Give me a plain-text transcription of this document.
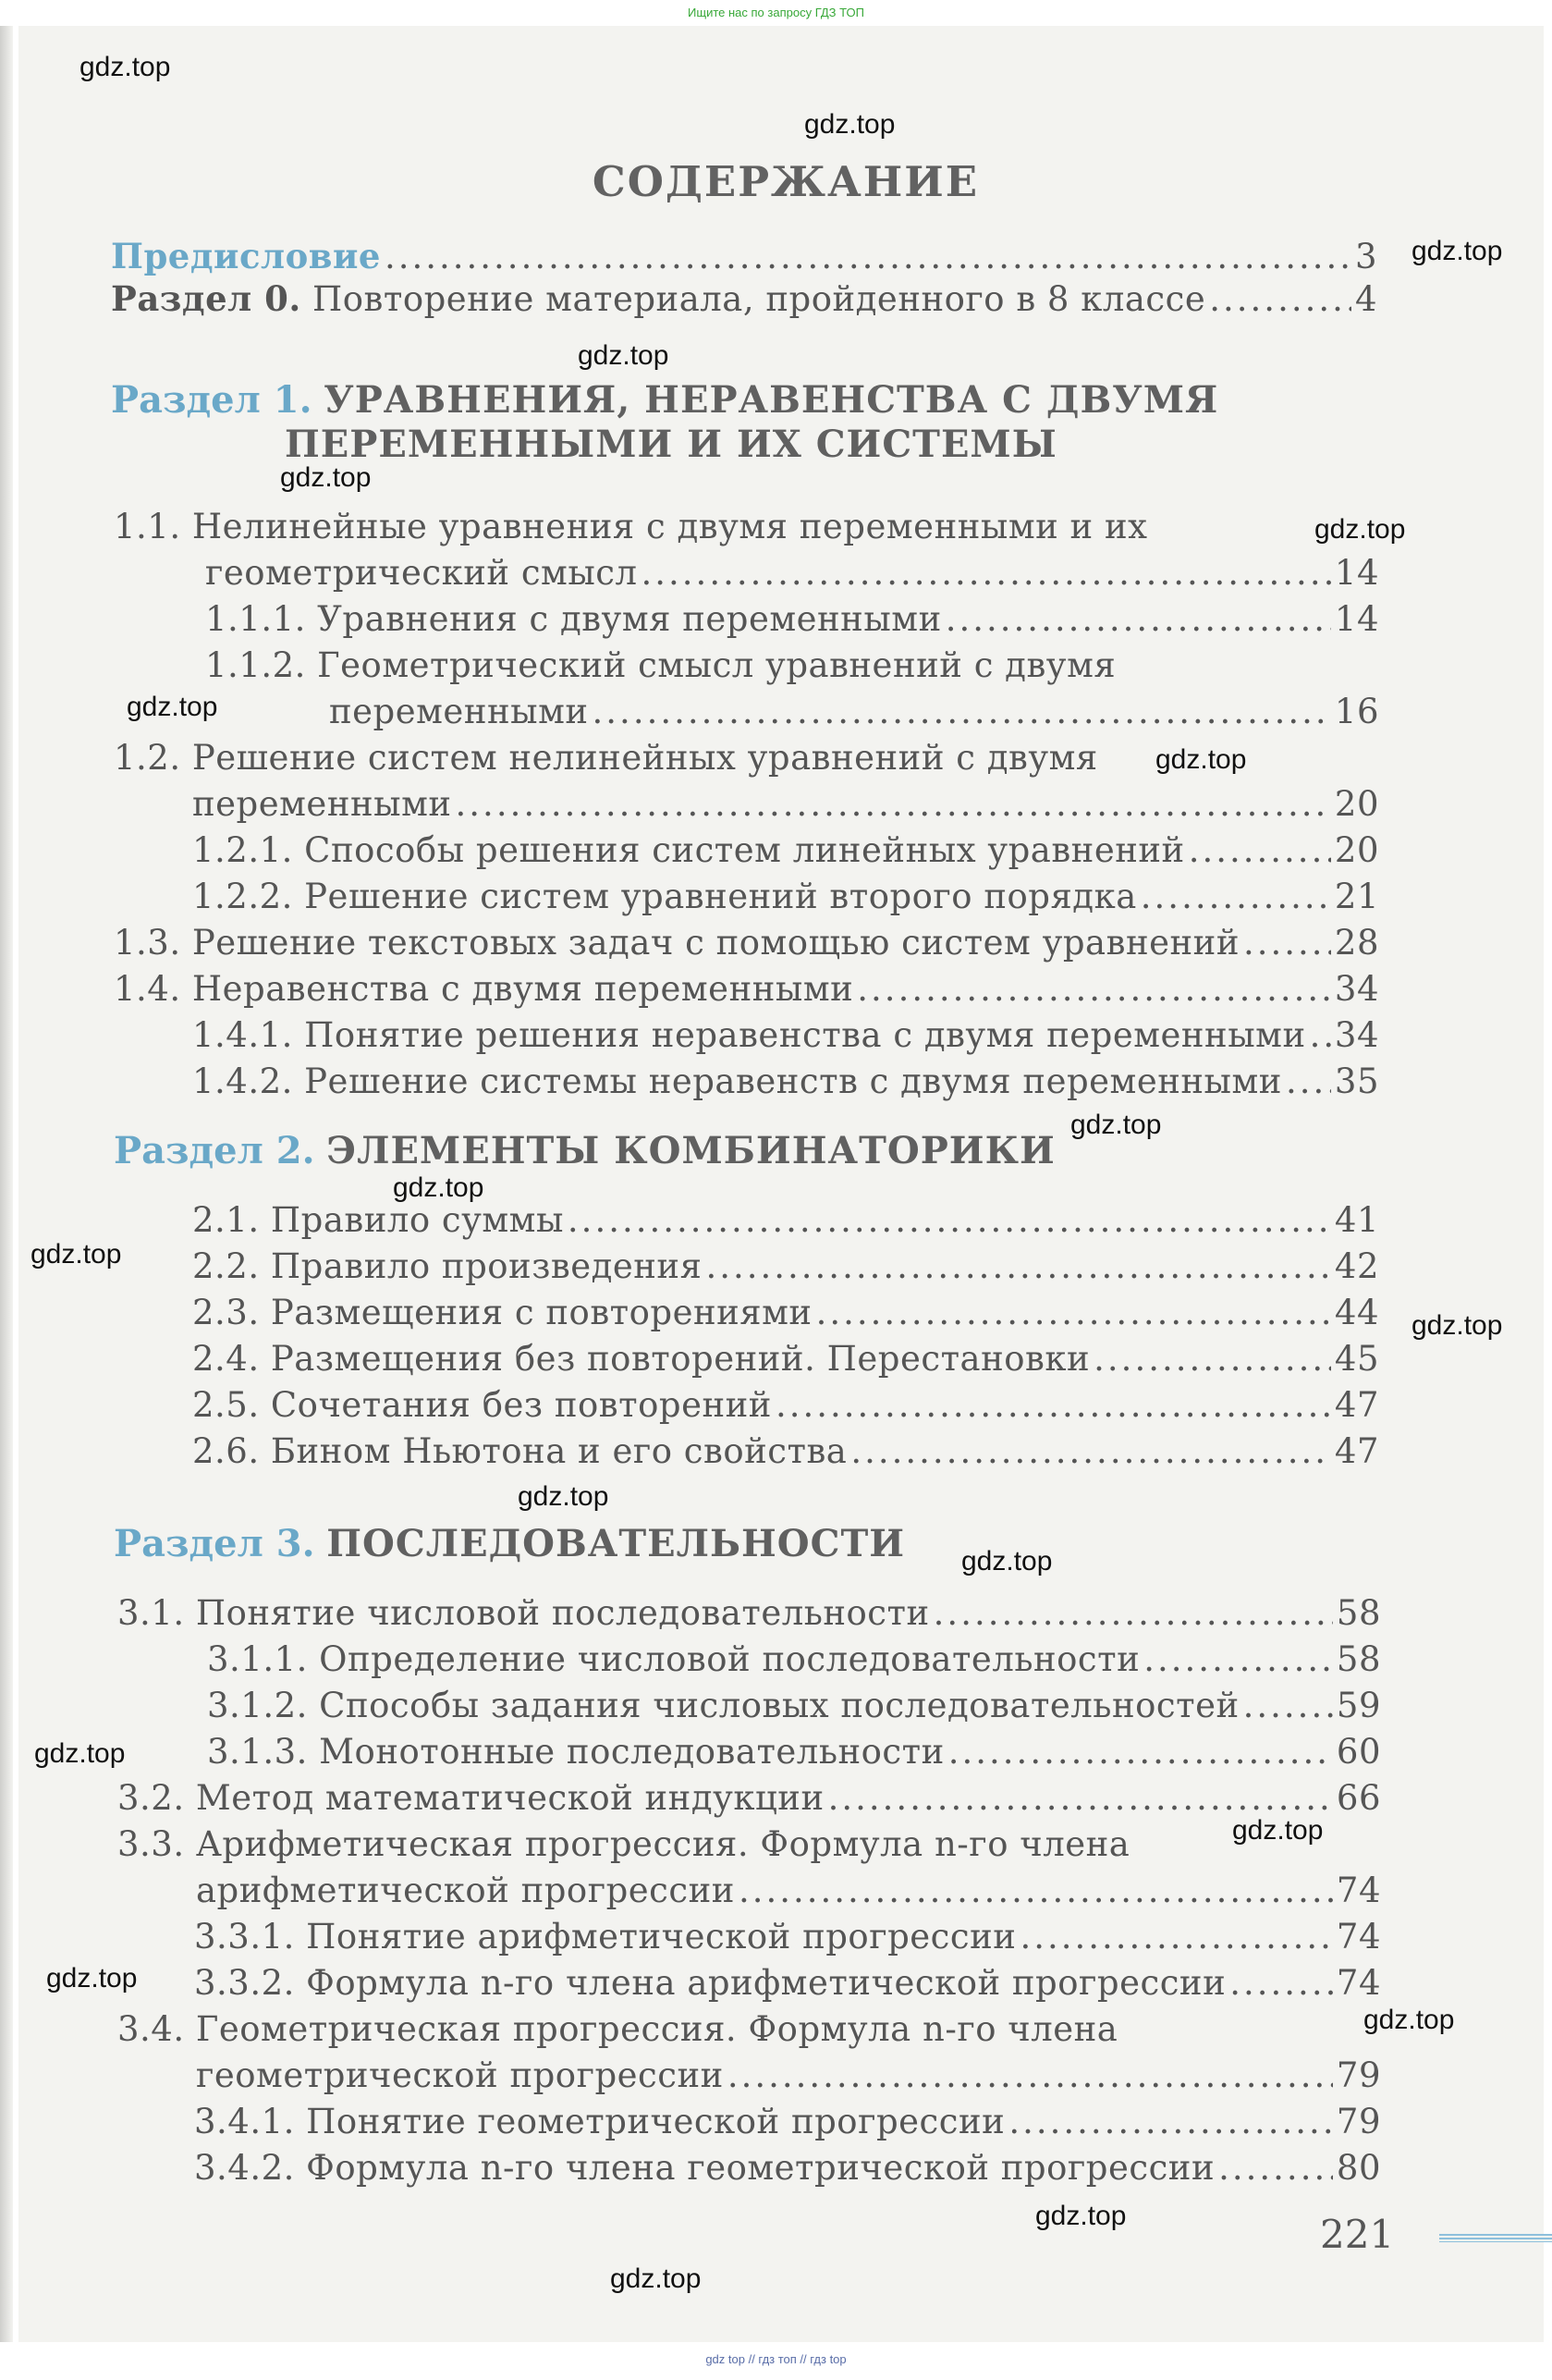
Ищите нас по запросу ГДЗ ТОП
gdz.top
gdz.top
gdz.top
gdz.top
gdz.top
gdz.top
gdz.top
gdz.top
gdz.top
gdz.top
gdz.top
gdz.top
gdz.top
gdz.top
gdz.top
gdz.top
gdz.top
gdz.top
gdz.top
gdz.top
СОДЕРЖАНИЕ
Предисловие .....	3
Раздел 0. Повторение материала, пройденного в 8 классе .....	4
Раздел 1. УРАВНЕНИЯ, НЕРАВЕНСТВА С ДВУМЯ
ПЕРЕМЕННЫМИ И ИХ СИСТЕМЫ
1.1. Нелинейные уравнения с двумя переменными и их
геометрический смысл .....	14
1.1.1. Уравнения с двумя переменными .....	14
1.1.2. Геометрический смысл уравнений с двумя
переменными .....	16
1.2. Решение систем нелинейных уравнений с двумя
переменными .....	20
1.2.1. Способы решения систем линейных уравнений .....	20
1.2.2. Решение систем уравнений второго порядка .....	21
1.3. Решение текстовых задач с помощью систем уравнений .....	28
1.4. Неравенства с двумя переменными .....	34
1.4.1. Понятие решения неравенства с двумя переменными ..... 34
1.4.2. Решение системы неравенств с двумя переменными ..... 35
Раздел 2. ЭЛЕМЕНТЫ КОМБИНАТОРИКИ
2.1. Правило суммы .....	41
2.2. Правило произведения .....	42
2.3. Размещения с повторениями .....	44
2.4. Размещения без повторений. Перестановки .....	45
2.5. Сочетания без повторений .....	47
2.6. Бином Ньютона и его свойства .....	47
Раздел 3. ПОСЛЕДОВАТЕЛЬНОСТИ
3.1. Понятие числовой последовательности .....	58
3.1.1. Определение числовой последовательности .....	58
3.1.2. Способы задания числовых последовательностей .....	59
3.1.3. Монотонные последовательности .....	60
3.2. Метод математической индукции .....	66
3.3. Арифметическая прогрессия. Формула n-го члена
арифметической прогрессии .....	74
3.3.1. Понятие арифметической прогрессии .....	74
3.3.2. Формула n-го члена арифметической прогрессии .....	74
3.4. Геометрическая прогрессия. Формула n-го члена
геометрической прогрессии .....	79
3.4.1. Понятие геометрической прогрессии .....	79
3.4.2. Формула n-го члена геометрической прогрессии .....	80
221
gdz top // гдз топ // гдз top
